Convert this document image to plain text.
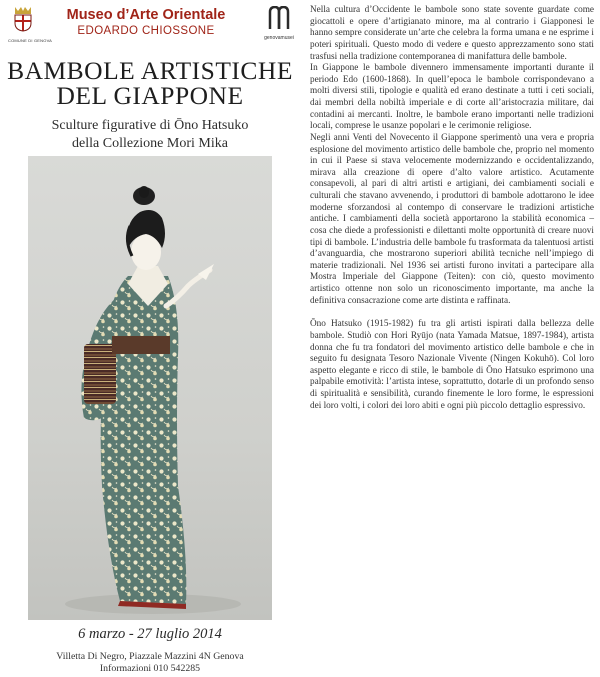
COMUNE DI GENOVA
Museo d’Arte Orientale
EDOARDO CHIOSSONE
genovamusei
BAMBOLE ARTISTICHE
DEL GIAPPONE
Sculture figurative di Ōno Hatsuko
della Collezione Mori Mika
6 marzo - 27 luglio 2014
Villetta Di Negro, Piazzale Mazzini 4N Genova
Informazioni 010 542285

Nella cultura d’Occidente le bambole sono state sovente guardate come giocattoli e opere d’artigianato minore, ma al contrario i Giapponesi le hanno sempre considerate un’arte che celebra la forma umana e ne esprime i poteri spirituali. Questo modo di vedere e questo apprezzamento sono stati trasfusi nella tradizione contemporanea di manifattura delle bambole.

In Giappone le bambole divennero immensamente importanti durante il periodo Edo (1600-1868). In quell’epoca le bambole corrispondevano a molti diversi stili, tipologie e qualità ed erano destinate a tutti i ceti sociali, dai membri della nobiltà imperiale e di corte all’aristocrazia militare, dai contadini ai mercanti. Inoltre, le bambole erano importanti nelle tradizioni locali, comprese le usanze popolari e le cerimonie religiose.

Negli anni Venti del Novecento il Giappone sperimentò una vera e propria esplosione del movimento artistico delle bambole che, proprio nel momento in cui il Paese si stava velocemente modernizzando e occidentalizzando, mirava alla creazione di opere d’alto valore artistico. Acutamente consapevoli, al pari di altri artisti e artigiani, dei cambiamenti sociali e culturali che stavano avvenendo, i produttori di bambole adottarono le idee moderne sforzandosi al contempo di conservare le tradizioni artistiche antiche. I cambiamenti della società apportarono la stabilità economica – cosa che diede a professionisti e dilettanti molte opportunità di creare nuovi tipi di bambole. L’industria delle bambole fu trasformata da talentuosi artisti d’avanguardia, che mostrarono superiori abilità tecniche nell’impiego di materie tradizionali. Nel 1936 sei artisti furono invitati a partecipare alla Mostra Imperiale del Giappone (Teiten): con ciò, questo movimento artistico ottenne non solo un riconoscimento importante, ma anche la definitiva consacrazione come arte distinta e raffinata.

Ōno Hatsuko (1915-1982) fu tra gli artisti ispirati dalla bellezza delle bambole. Studiò con Hori Ryūjo (nata Yamada Matsue, 1897-1984), artista donna che fu tra fondatori del movimento artistico delle bambole e che in seguito fu designata Tesoro Nazionale Vivente (Ningen Kokuhō). Col loro aspetto elegante e ricco di stile, le bambole di Ōno Hatsuko esprimono una palpabile emotività: l’artista intese, soprattutto, dotarle di un profondo senso di spiritualità e sensibilità, curando finemente le loro forme, le espressioni dei loro volti, i colori dei loro abiti e ogni più piccolo dettaglio espressivo.
